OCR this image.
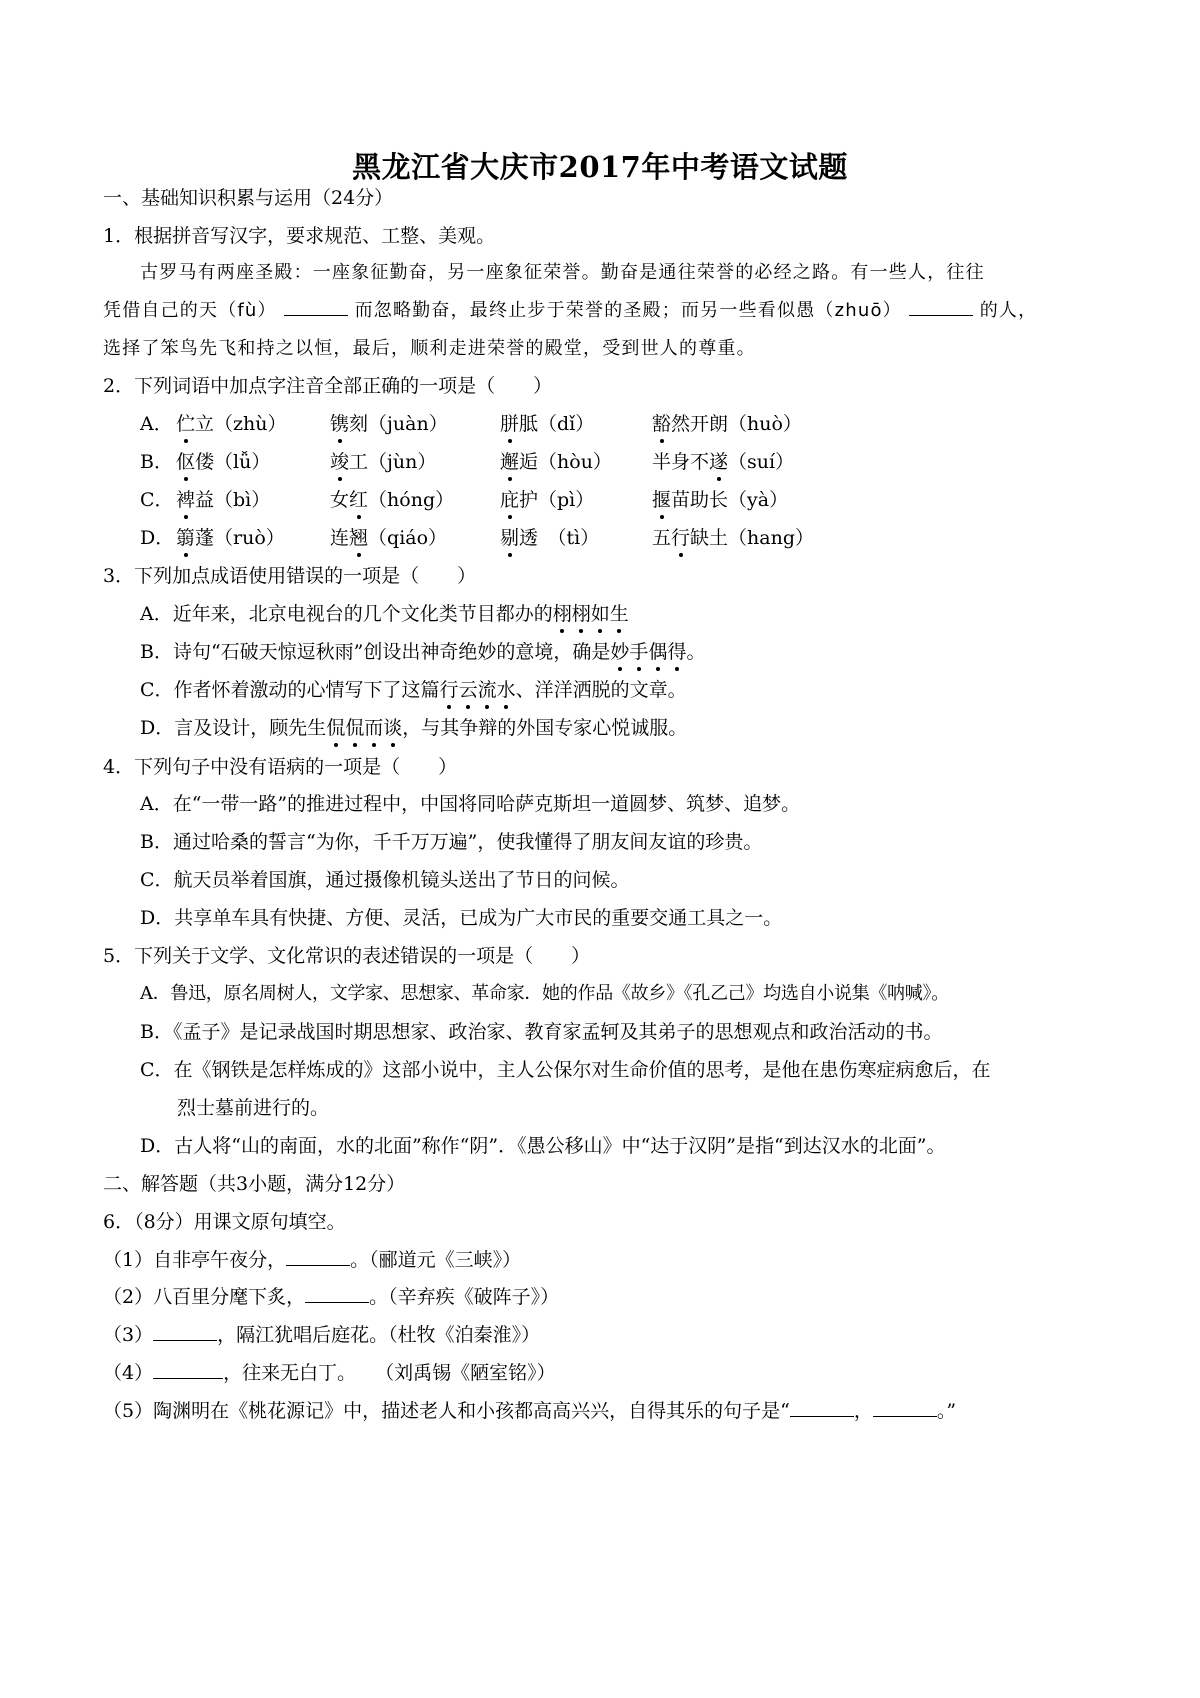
黑龙江省大庆市2017年中考语文试题
一、基础知识积累与运用（24分）
1．根据拼音写汉字，要求规范、工整、美观。
古罗马有两座圣殿：一座象征勤奋，另一座象征荣誉。勤奋是通往荣誉的必经之路。有一些人，往往
凭借自己的天（fù）	而忽略勤奋，最终止步于荣誉的圣殿；而另一些看似愚（zhuō）	的人，
选择了笨鸟先飞和持之以恒，最后，顺利走进荣誉的殿堂，受到世人的尊重。
2．下列词语中加点字注音全部正确的一项是（　　）
A． 伫立（zhù） 镌刻（juàn）	胼胝（dǐ）	豁然开朗（huò）
B． 伛偻（lǚ）	竣工（jùn）	邂逅（hòu） 半身不遂（suí）
C． 裨益（bì）	女红（hóng） 庇护（pì）	揠苗助长（yà）
D． 篛蓬（ruò） 连翘（qiáo）	剔透　（tì）	五行缺土（hang）
3．下列加点成语使用错误的一项是（　　）
A．近年来，北京电视台的几个文化类节目都办的栩栩如生
B．诗句“石破天惊逗秋雨”创设出神奇绝妙的意境，确是妙手偶得。
C．作者怀着激动的心情写下了这篇行云流水、洋洋洒脱的文章。
D．言及设计，顾先生侃侃而谈，与其争辩的外国专家心悦诚服。
4．下列句子中没有语病的一项是（　　）
A．在“一带一路”的推进过程中，中国将同哈萨克斯坦一道圆梦、筑梦、追梦。
B．通过哈桑的誓言“为你，千千万万遍”，使我懂得了朋友间友谊的珍贵。
C．航天员举着国旗，通过摄像机镜头送出了节日的问候。
D．共享单车具有快捷、方便、灵活，已成为广大市民的重要交通工具之一。
5．下列关于文学、文化常识的表述错误的一项是（　　）
A．鲁迅，原名周树人，文学家、思想家、革命家．她的作品《故乡》《孔乙己》均选自小说集《呐喊》。
B．《孟子》是记录战国时期思想家、政治家、教育家孟轲及其弟子的思想观点和政治活动的书。
C．在《钢铁是怎样炼成的》这部小说中，主人公保尔对生命价值的思考，是他在患伤寒症病愈后，在
烈士墓前进行的。
D．古人将“山的南面，水的北面”称作“阴”．《愚公移山》中“达于汉阴”是指“到达汉水的北面”。
二、解答题（共3小题，满分12分）
6．（8分）用课文原句填空。
（1）自非亭午夜分，	。（郦道元《三峡》）
（2）八百里分麾下炙，	。（辛弃疾《破阵子》）
（3）	，隔江犹唱后庭花。（杜牧《泊秦淮》）
（4）	，往来无白丁。　　（刘禹锡《陋室铭》）
（5）陶渊明在《桃花源记》中，描述老人和小孩都高高兴兴，自得其乐的句子是“	，	。”
